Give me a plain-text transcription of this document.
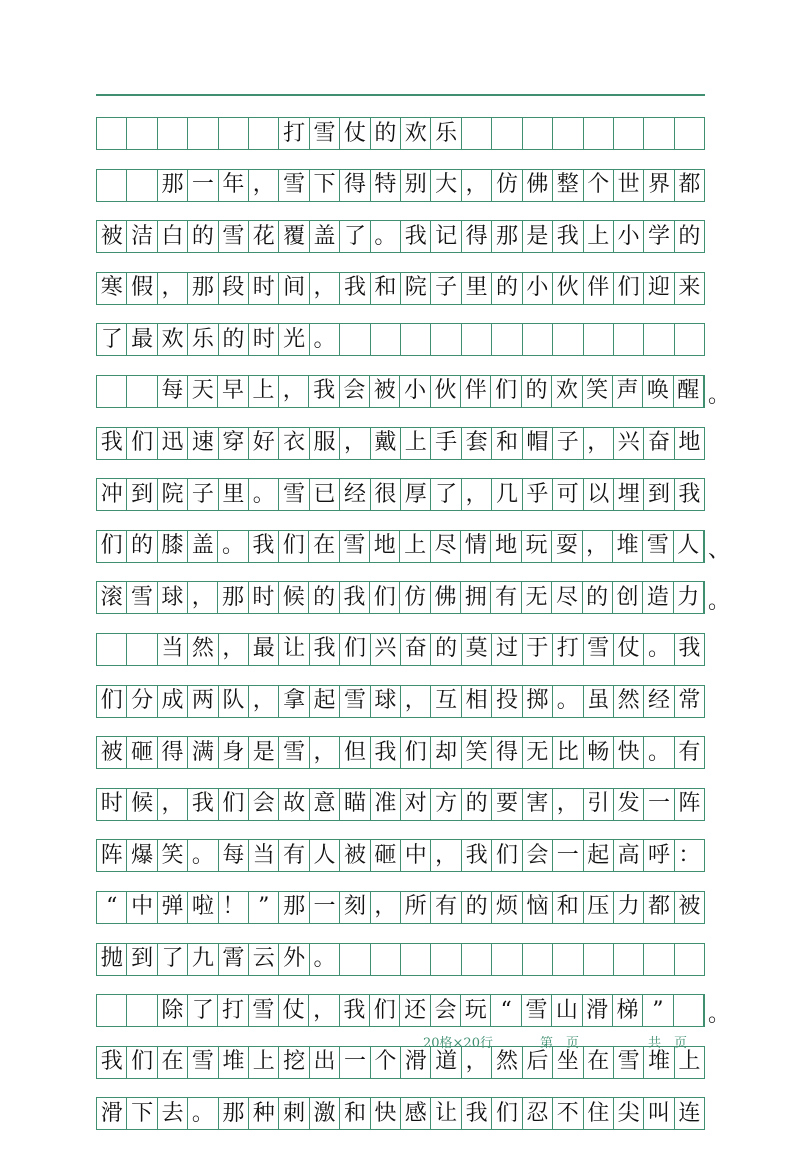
打 雪 仗 的 欢 乐
那 一 年 ， 雪 下 得 特 别 大 ， 仿 佛 整 个 世 界 都
被 洁 白 的 雪 花 覆 盖 了 。 我 记 得 那 是 我 上 小 学 的
寒 假 ， 那 段 时 间 ， 我 和 院 子 里 的 小 伙 伴 们 迎 来
了 最 欢 乐 的 时 光 。
每 天 早 上 ， 我 会 被 小 伙 伴 们 的 欢 笑 声 唤 醒 。
我 们 迅 速 穿 好 衣 服 ， 戴 上 手 套 和 帽 子 ， 兴 奋 地
冲 到 院 子 里 。 雪 已 经 很 厚 了 ， 几 乎 可 以 埋 到 我
们 的 膝 盖 。 我 们 在 雪 地 上 尽 情 地 玩 耍 ， 堆 雪 人 、
滚 雪 球 ， 那 时 候 的 我 们 仿 佛 拥 有 无 尽 的 创 造 力 。
当 然 ， 最 让 我 们 兴 奋 的 莫 过 于 打 雪 仗 。 我
们 分 成 两 队 ， 拿 起 雪 球 ， 互 相 投 掷 。 虽 然 经 常
被 砸 得 满 身 是 雪 ， 但 我 们 却 笑 得 无 比 畅 快 。 有
时 候 ， 我 们 会 故 意 瞄 准 对 方 的 要 害 ， 引 发 一 阵
阵 爆 笑 。 每 当 有 人 被 砸 中 ， 我 们 会 一 起 高 呼 ：
“ 中 弹 啦 ！ ” 那 一 刻 ， 所 有 的 烦 恼 和 压 力 都 被
抛 到 了 九 霄 云 外 。
除 了 打 雪 仗 ， 我 们 还 会 玩 “ 雪 山 滑 梯 ”	。
我 们 在 雪 堆 上 挖 出 一 个 滑 道 ， 然 后 坐 在 雪 堆 上
滑 下 去 。 那 种 刺 激 和 快 感 让 我 们 忍 不 住 尖 叫 连
20格×20行	第　页	共　页
